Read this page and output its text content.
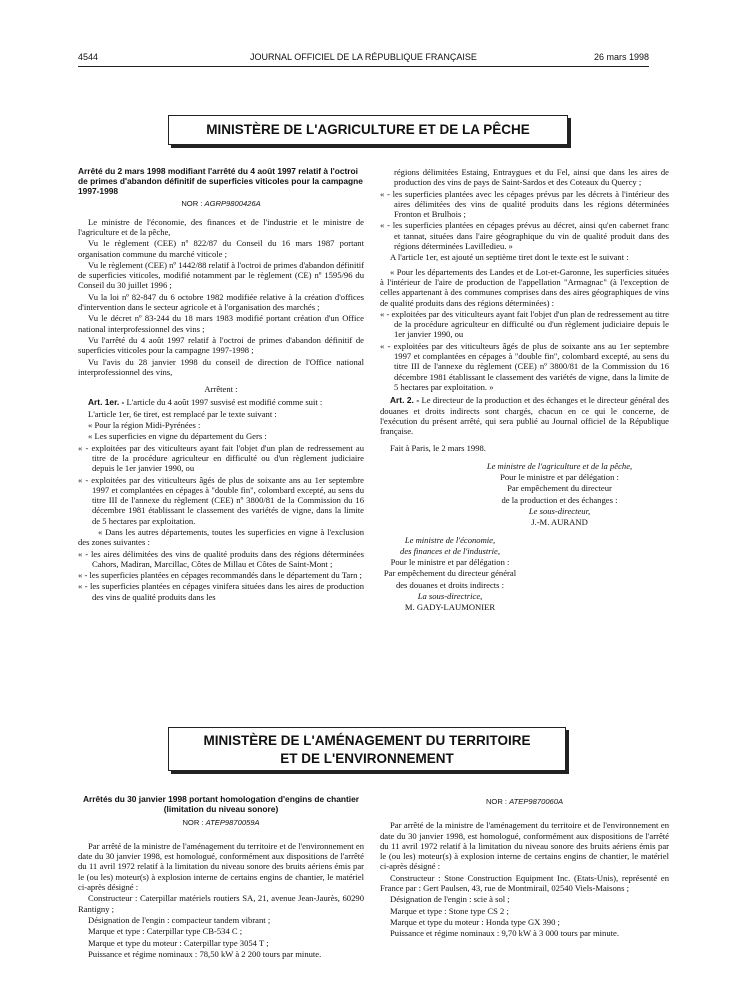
4544	JOURNAL OFFICIEL DE LA RÉPUBLIQUE FRANÇAISE	26 mars 1998
MINISTÈRE DE L'AGRICULTURE ET DE LA PÊCHE
Arrêté du 2 mars 1998 modifiant l'arrêté du 4 août 1997 relatif à l'octroi de primes d'abandon définitif de superficies viticoles pour la campagne 1997-1998
NOR : AGRP9800426A

Le ministre de l'économie, des finances et de l'industrie et le ministre de l'agriculture et de la pêche,

Vu le règlement (CEE) nº 822/87 du Conseil du 16 mars 1987 portant organisation commune du marché viticole ;

Vu le règlement (CEE) nº 1442/88 relatif à l'octroi de primes d'abandon définitif de superficies viticoles, modifié notamment par le règlement (CE) nº 1595/96 du Conseil du 30 juillet 1996 ;

Vu la loi nº 82-847 du 6 octobre 1982 modifiée relative à la création d'offices d'intervention dans le secteur agricole et à l'organisation des marchés ;

Vu le décret nº 83-244 du 18 mars 1983 modifié portant création d'un Office national interprofessionnel des vins ;

Vu l'arrêté du 4 août 1997 relatif à l'octroi de primes d'abandon définitif de superficies viticoles pour la campagne 1997-1998 ;

Vu l'avis du 28 janvier 1998 du conseil de direction de l'Office national interprofessionnel des vins,

Arrêtent :

Art. 1er. - L'article du 4 août 1997 susvisé est modifié comme suit :

L'article 1er, 6e tiret, est remplacé par le texte suivant :

« Pour la région Midi-Pyrénées :

« Les superficies en vigne du département du Gers :

« - exploitées par des viticulteurs ayant fait l'objet d'un plan de redressement au titre de la procédure agriculteur en difficulté ou d'un règlement judiciaire depuis le 1er janvier 1990, ou

« - exploitées par des viticulteurs âgés de plus de soixante ans au 1er septembre 1997 et complantées en cépages à "double fin", colombard excepté, au sens du titre III de l'annexe du règlement (CEE) nº 3800/81 de la Commission du 16 décembre 1981 établissant le classement des variétés de vigne, dans la limite de 5 hectares par exploitation.

« Dans les autres départements, toutes les superficies en vigne à l'exclusion des zones suivantes :

« - les aires délimitées des vins de qualité produits dans des régions déterminées Cahors, Madiran, Marcillac, Côtes de Millau et Côtes de Saint-Mont ;

« - les superficies plantées en cépages recommandés dans le département du Tarn ;

« - les superficies plantées en cépages vinifera situées dans les aires de production des vins de qualité produits dans les

régions délimitées Estaing, Entraygues et du Fel, ainsi que dans les aires de production des vins de pays de Saint-Sardos et des Coteaux du Quercy ;

« - les superficies plantées avec les cépages prévus par les décrets à l'intérieur des aires délimitées des vins de qualité produits dans les régions déterminées Fronton et Brulhois ;

« - les superficies plantées en cépages prévus au décret, ainsi qu'en cabernet franc et tannat, situées dans l'aire géographique du vin de qualité produit dans des régions déterminées Lavilledieu. »

A l'article 1er, est ajouté un septième tiret dont le texte est le suivant :

« Pour les départements des Landes et de Lot-et-Garonne, les superficies situées à l'intérieur de l'aire de production de l'appellation "Armagnac" (à l'exception de celles appartenant à des communes comprises dans des aires géographiques de vins de qualité produits dans des régions déterminées) :

« - exploitées par des viticulteurs ayant fait l'objet d'un plan de redressement au titre de la procédure agriculteur en difficulté ou d'un règlement judiciaire depuis le 1er janvier 1990, ou

« - exploitées par des viticulteurs âgés de plus de soixante ans au 1er septembre 1997 et complantées en cépages à "double fin", colombard excepté, au sens du titre III de l'annexe du règlement (CEE) nº 3800/81 de la Commission du 16 décembre 1981 établissant le classement des variétés de vigne, dans la limite de 5 hectares par exploitation. »

Art. 2. - Le directeur de la production et des échanges et le directeur général des douanes et droits indirects sont chargés, chacun en ce qui le concerne, de l'exécution du présent arrêté, qui sera publié au Journal officiel de la République française.

Fait à Paris, le 2 mars 1998.

Le ministre de l'agriculture et de la pêche,

Pour le ministre et par délégation :

Par empêchement du directeur

de la production et des échanges :

Le sous-directeur,

J.-M. AURAND

Le ministre de l'économie,

des finances et de l'industrie,

Pour le ministre et par délégation :

Par empêchement du directeur général

des douanes et droits indirects :

La sous-directrice,

M. GADY-LAUMONIER

MINISTÈRE DE L'AMÉNAGEMENT DU TERRITOIRE
ET DE L'ENVIRONNEMENT
Arrêtés du 30 janvier 1998 portant homologation d'engins de chantier (limitation du niveau sonore)
NOR : ATEP9870059A

Par arrêté de la ministre de l'aménagement du territoire et de l'environnement en date du 30 janvier 1998, est homologué, conformément aux dispositions de l'arrêté du 11 avril 1972 relatif à la limitation du niveau sonore des bruits aériens émis par le (ou les) moteur(s) à explosion interne de certains engins de chantier, le matériel ci-après désigné :

Constructeur : Caterpillar matériels routiers SA, 21, avenue Jean-Jaurès, 60290 Rantigny ;

Désignation de l'engin : compacteur tandem vibrant ;

Marque et type : Caterpillar type CB-534 C ;

Marque et type du moteur : Caterpillar type 3054 T ;

Puissance et régime nominaux : 78,50 kW à 2 200 tours par minute.

NOR : ATEP9870060A

Par arrêté de la ministre de l'aménagement du territoire et de l'environnement en date du 30 janvier 1998, est homologué, conformément aux dispositions de l'arrêté du 11 avril 1972 relatif à la limitation du niveau sonore des bruits aériens émis par le (ou les) moteur(s) à explosion interne de certains engins de chantier, le matériel ci-après désigné :

Constructeur : Stone Construction Equipment Inc. (Etats-Unis), représenté en France par : Gert Paulsen, 43, rue de Montmirail, 02540 Viels-Maisons ;

Désignation de l'engin : scie à sol ;

Marque et type : Stone type CS 2 ;

Marque et type du moteur : Honda type GX 390 ;

Puissance et régime nominaux : 9,70 kW à 3 000 tours par minute.
